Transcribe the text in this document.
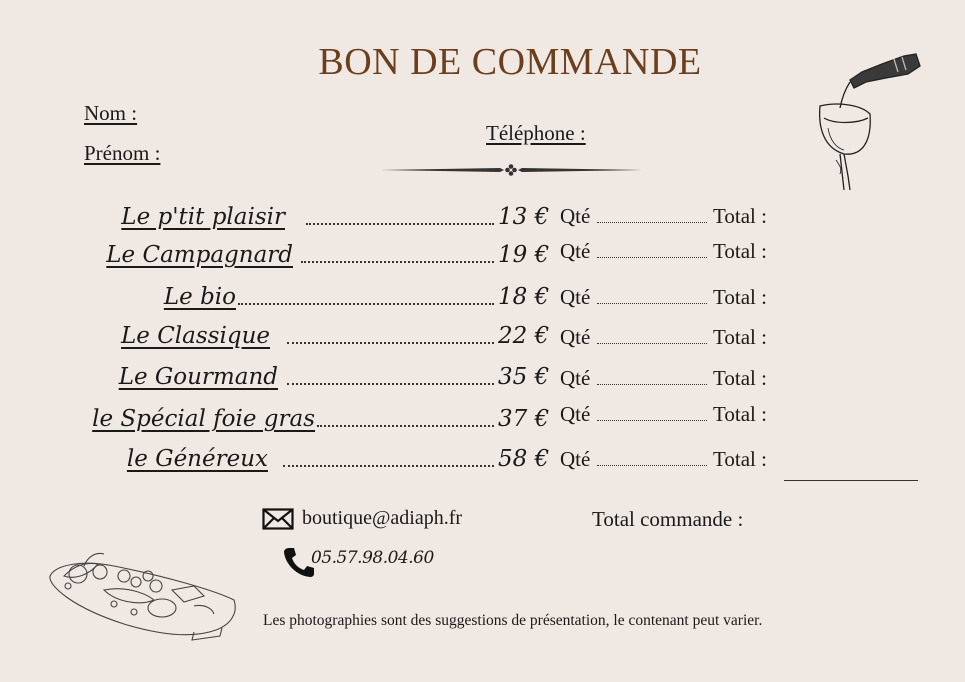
BON DE COMMANDE
Nom :
Prénom :
Téléphone :
Le p'tit plaisir	13 € Qté	Total :
Le Campagnard	19 € Qté	Total :
Le bio	18 € Qté	Total :
Le Classique	22 € Qté	Total :
Le Gourmand	35 € Qté	Total :
le Spécial foie gras	37 € Qté	Total :
le Généreux	58 € Qté	Total :
Total commande :
boutique@adiaph.fr
05.57.98.04.60
Les photographies sont des suggestions de présentation, le contenant peut varier.
